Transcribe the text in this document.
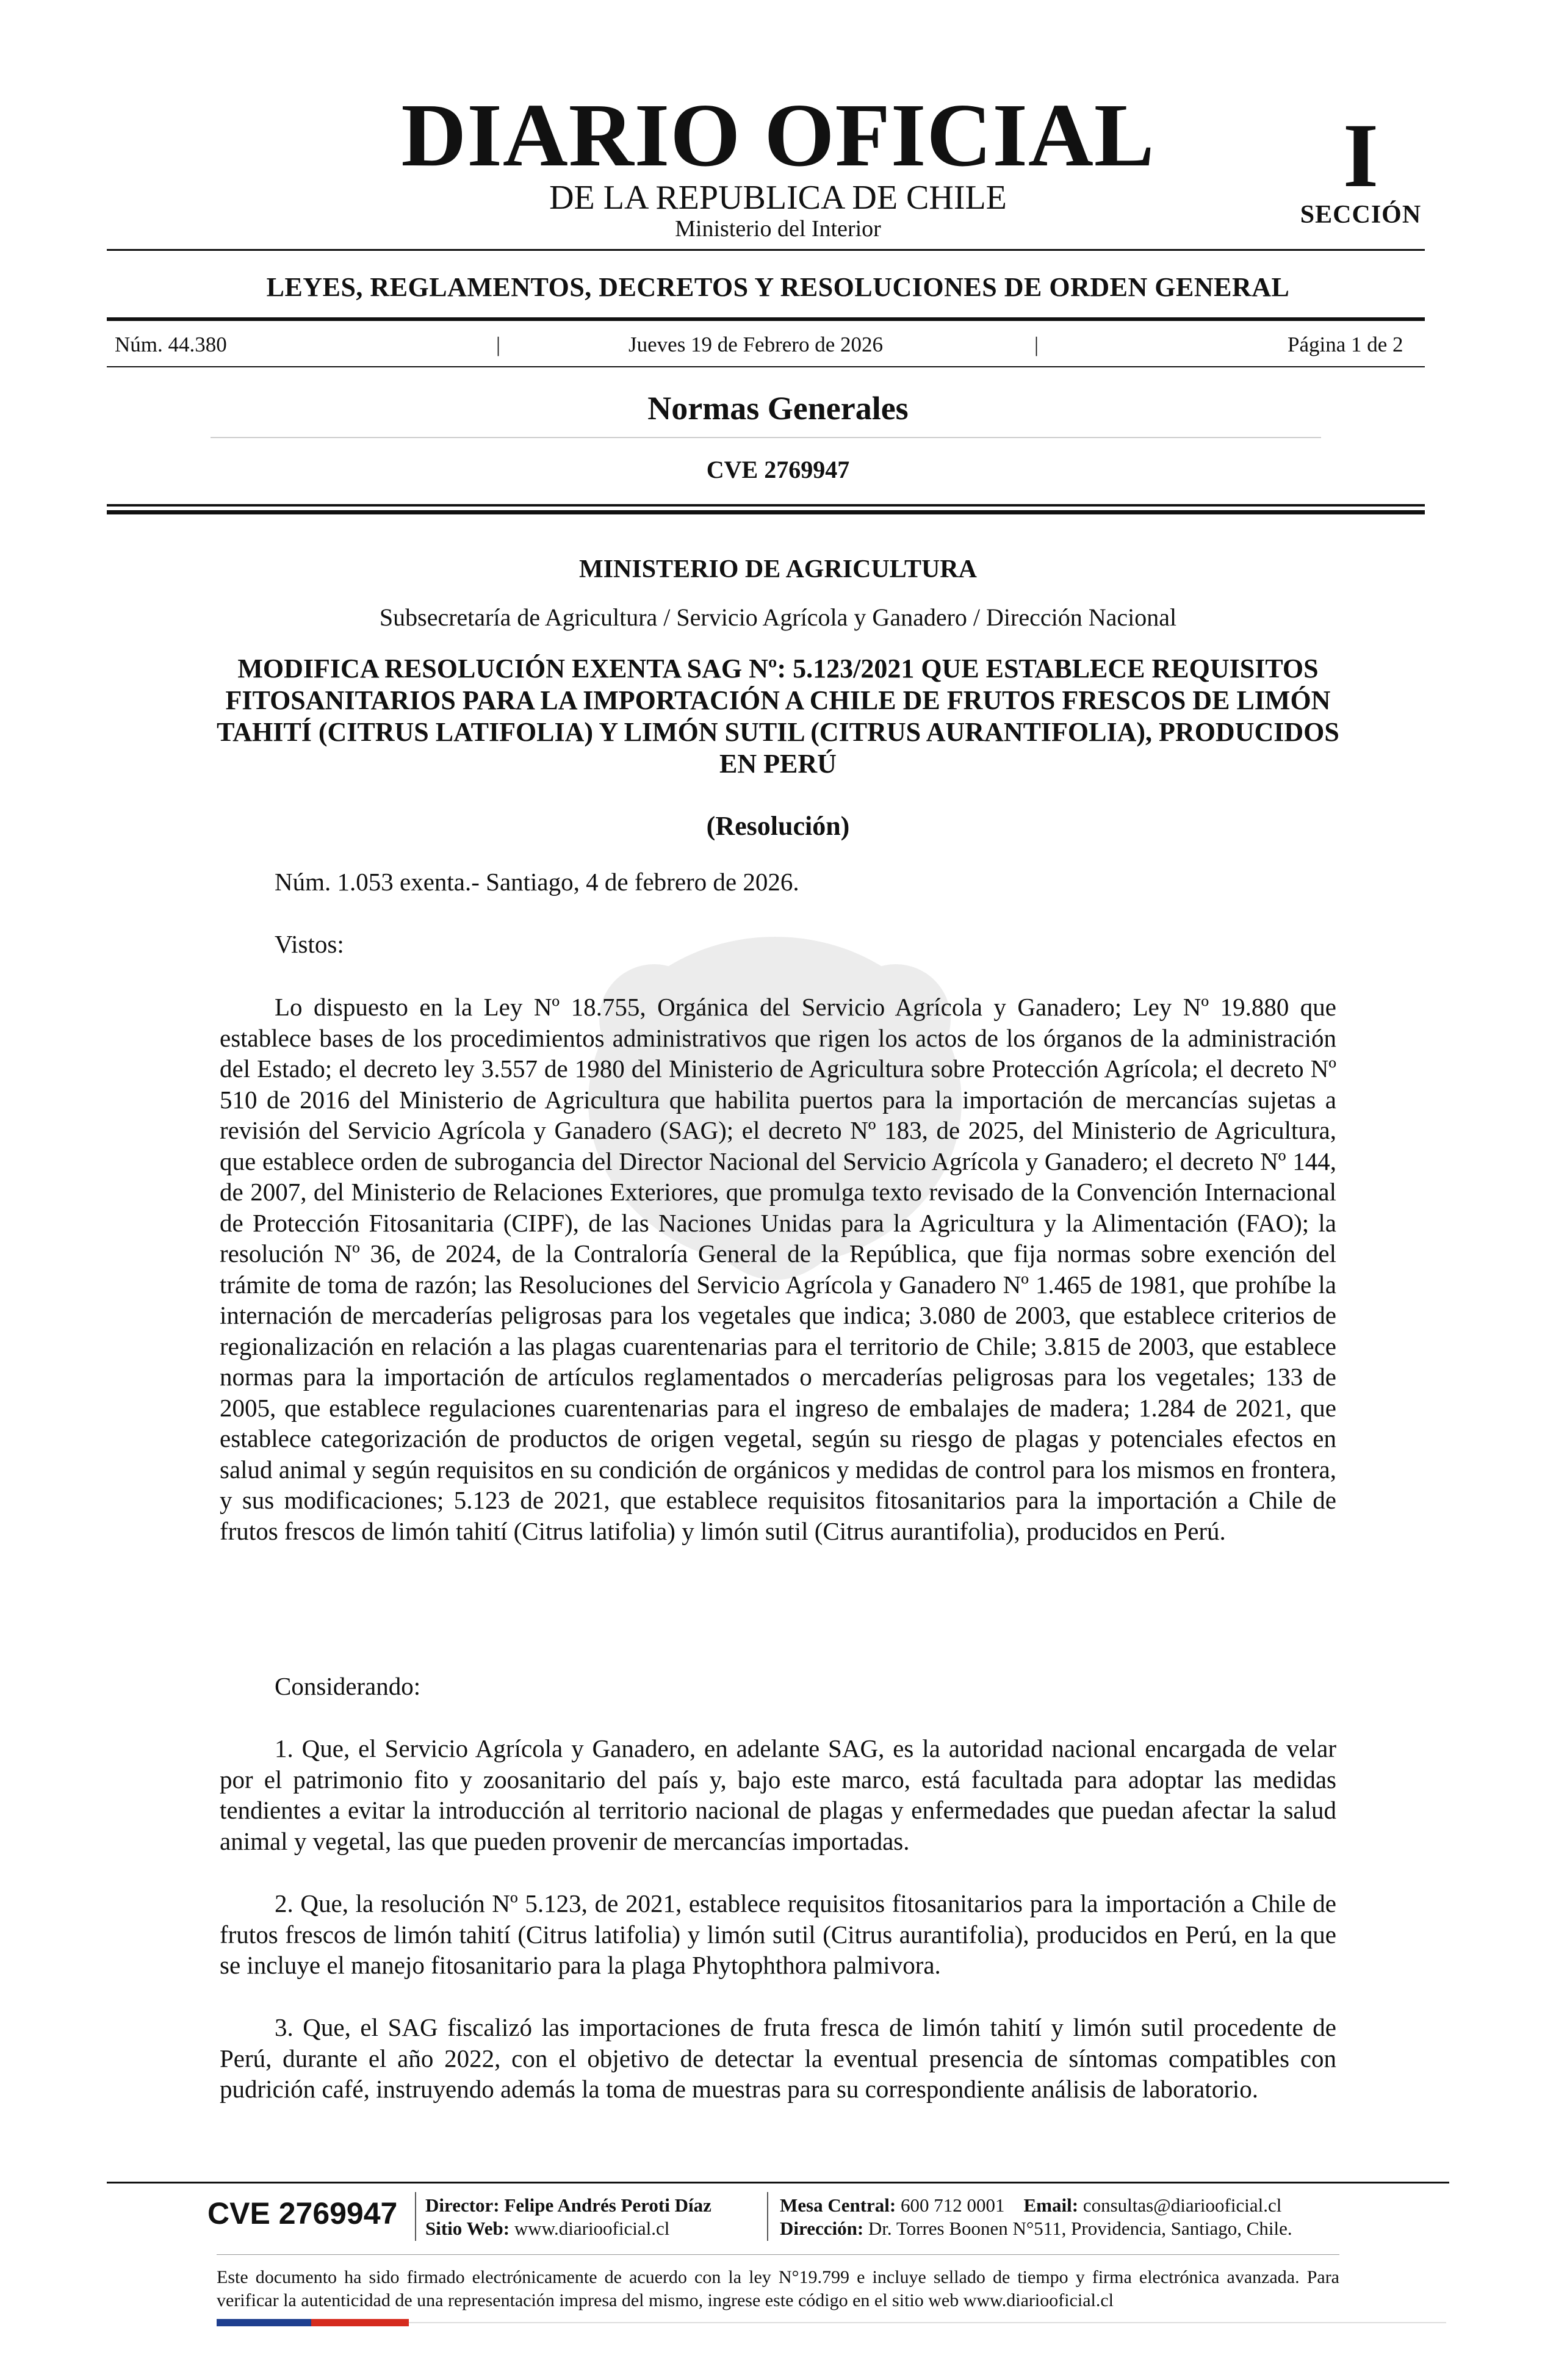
DIARIO OFICIAL
DE LA REPUBLICA DE CHILE
Ministerio del Interior
I
SECCIÓN
LEYES, REGLAMENTOS, DECRETOS Y RESOLUCIONES DE ORDEN GENERAL
Núm. 44.380	|	Jueves 19 de Febrero de 2026	|	Página 1 de 2
Normas Generales
CVE 2769947
MINISTERIO DE AGRICULTURA
Subsecretaría de Agricultura / Servicio Agrícola y Ganadero / Dirección Nacional
MODIFICA RESOLUCIÓN EXENTA SAG Nº: 5.123/2021 QUE ESTABLECE REQUISITOS FITOSANITARIOS PARA LA IMPORTACIÓN A CHILE DE FRUTOS FRESCOS DE LIMÓN TAHITÍ (CITRUS LATIFOLIA) Y LIMÓN SUTIL (CITRUS AURANTIFOLIA), PRODUCIDOS EN PERÚ
(Resolución)

Núm. 1.053 exenta.- Santiago, 4 de febrero de 2026.

Vistos:

Lo dispuesto en la Ley Nº 18.755, Orgánica del Servicio Agrícola y Ganadero; Ley Nº 19.880 que establece bases de los procedimientos administrativos que rigen los actos de los órganos de la administración del Estado; el decreto ley 3.557 de 1980 del Ministerio de Agricultura sobre Protección Agrícola; el decreto Nº 510 de 2016 del Ministerio de Agricultura que habilita puertos para la importación de mercancías sujetas a revisión del Servicio Agrícola y Ganadero (SAG); el decreto Nº 183, de 2025, del Ministerio de Agricultura, que establece orden de subrogancia del Director Nacional del Servicio Agrícola y Ganadero; el decreto Nº 144, de 2007, del Ministerio de Relaciones Exteriores, que promulga texto revisado de la Convención Internacional de Protección Fitosanitaria (CIPF), de las Naciones Unidas para la Agricultura y la Alimentación (FAO); la resolución Nº 36, de 2024, de la Contraloría General de la República, que fija normas sobre exención del trámite de toma de razón; las Resoluciones del Servicio Agrícola y Ganadero Nº 1.465 de 1981, que prohíbe la internación de mercaderías peligrosas para los vegetales que indica; 3.080 de 2003, que establece criterios de regionalización en relación a las plagas cuarentenarias para el territorio de Chile; 3.815 de 2003, que establece normas para la importación de artículos reglamentados o mercaderías peligrosas para los vegetales; 133 de 2005, que establece regulaciones cuarentenarias para el ingreso de embalajes de madera; 1.284 de 2021, que establece categorización de productos de origen vegetal, según su riesgo de plagas y potenciales efectos en salud animal y según requisitos en su condición de orgánicos y medidas de control para los mismos en frontera, y sus modificaciones; 5.123 de 2021, que establece requisitos fitosanitarios para la importación a Chile de frutos frescos de limón tahití (Citrus latifolia) y limón sutil (Citrus aurantifolia), producidos en Perú.

Considerando:

1. Que, el Servicio Agrícola y Ganadero, en adelante SAG, es la autoridad nacional encargada de velar por el patrimonio fito y zoosanitario del país y, bajo este marco, está facultada para adoptar las medidas tendientes a evitar la introducción al territorio nacional de plagas y enfermedades que puedan afectar la salud animal y vegetal, las que pueden provenir de mercancías importadas.

2. Que, la resolución Nº 5.123, de 2021, establece requisitos fitosanitarios para la importación a Chile de frutos frescos de limón tahití (Citrus latifolia) y limón sutil (Citrus aurantifolia), producidos en Perú, en la que se incluye el manejo fitosanitario para la plaga Phytophthora palmivora.

3. Que, el SAG fiscalizó las importaciones de fruta fresca de limón tahití y limón sutil procedente de Perú, durante el año 2022, con el objetivo de detectar la eventual presencia de síntomas compatibles con pudrición café, instruyendo además la toma de muestras para su correspondiente análisis de laboratorio.

CVE 2769947 Director: Felipe Andrés Peroti Díaz
Sitio Web: www.diariooficial.cl
Mesa Central: 600 712 0001 Email: consultas@diariooficial.cl
Dirección: Dr. Torres Boonen N°511, Providencia, Santiago, Chile.
Este documento ha sido firmado electrónicamente de acuerdo con la ley N°19.799 e incluye sellado de tiempo y firma electrónica avanzada. Para verificar la autenticidad de una representación impresa del mismo, ingrese este código en el sitio web www.diariooficial.cl
